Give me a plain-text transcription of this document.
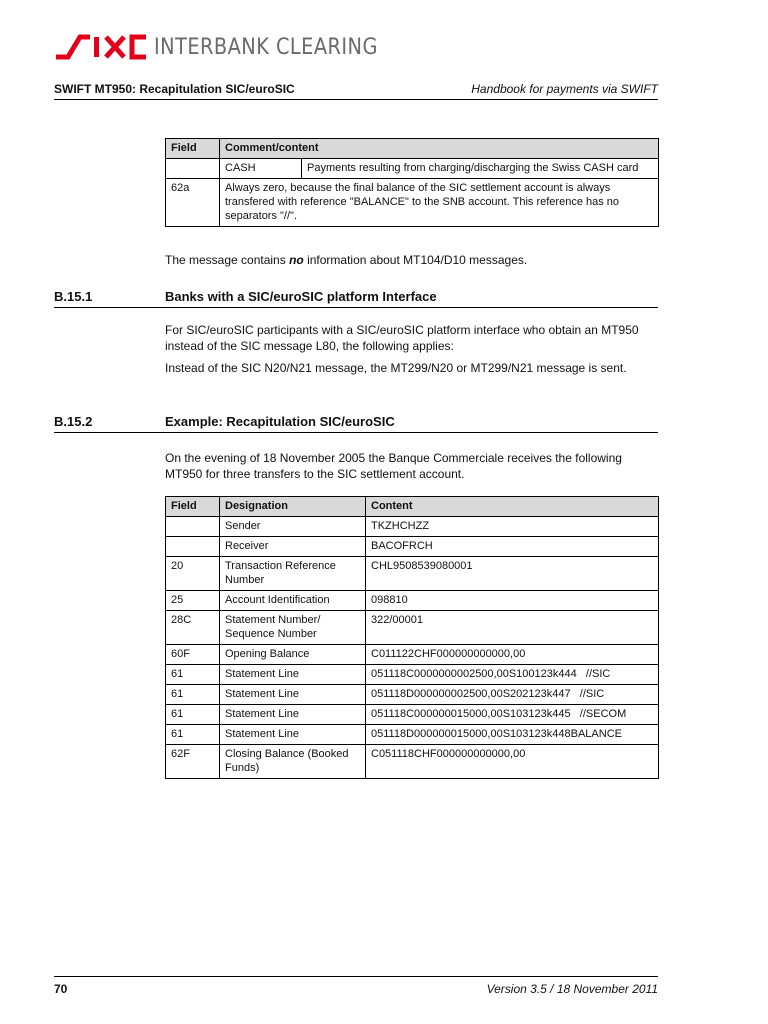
INTERBANK CLEARING
SWIFT MT950: Recapitulation SIC/euroSIC	Handbook for payments via SWIFT
Field	Comment/content	
	CASH	Payments resulting from charging/discharging the Swiss CASH card
62a	Always zero, because the final balance of the SIC settlement account is always transfered with reference "BALANCE" to the SNB account. This reference has no separators "//".	
The message contains no information about MT104/D10 messages.
B.15.1	Banks with a SIC/euroSIC platform Interface
For SIC/euroSIC participants with a SIC/euroSIC platform interface who obtain an MT950 instead of the SIC message L80, the following applies:
Instead of the SIC N20/N21 message, the MT299/N20 or MT299/N21 message is sent.
B.15.2	Example: Recapitulation SIC/euroSIC
On the evening of 18 November 2005 the Banque Commerciale receives the following MT950 for three transfers to the SIC settlement account.
Field	Designation	Content
	Sender	TKZHCHZZ
	Receiver	BACOFRCH
20	Transaction Reference Number	CHL9508539080001
25	Account Identification	098810
28C	Statement Number/ Sequence Number	322/00001
60F	Opening Balance	C011122CHF000000000000,00
61	Statement Line	051118C0000000002500,00S100123k444   //SIC
61	Statement Line	051118D000000002500,00S202123k447   //SIC
61	Statement Line	051118C000000015000,00S103123k445   //SECOM
61	Statement Line	051118D000000015000,00S103123k448BALANCE
62F	Closing Balance (Booked Funds)	C051118CHF000000000000,00
70	Version 3.5 / 18 November 2011
